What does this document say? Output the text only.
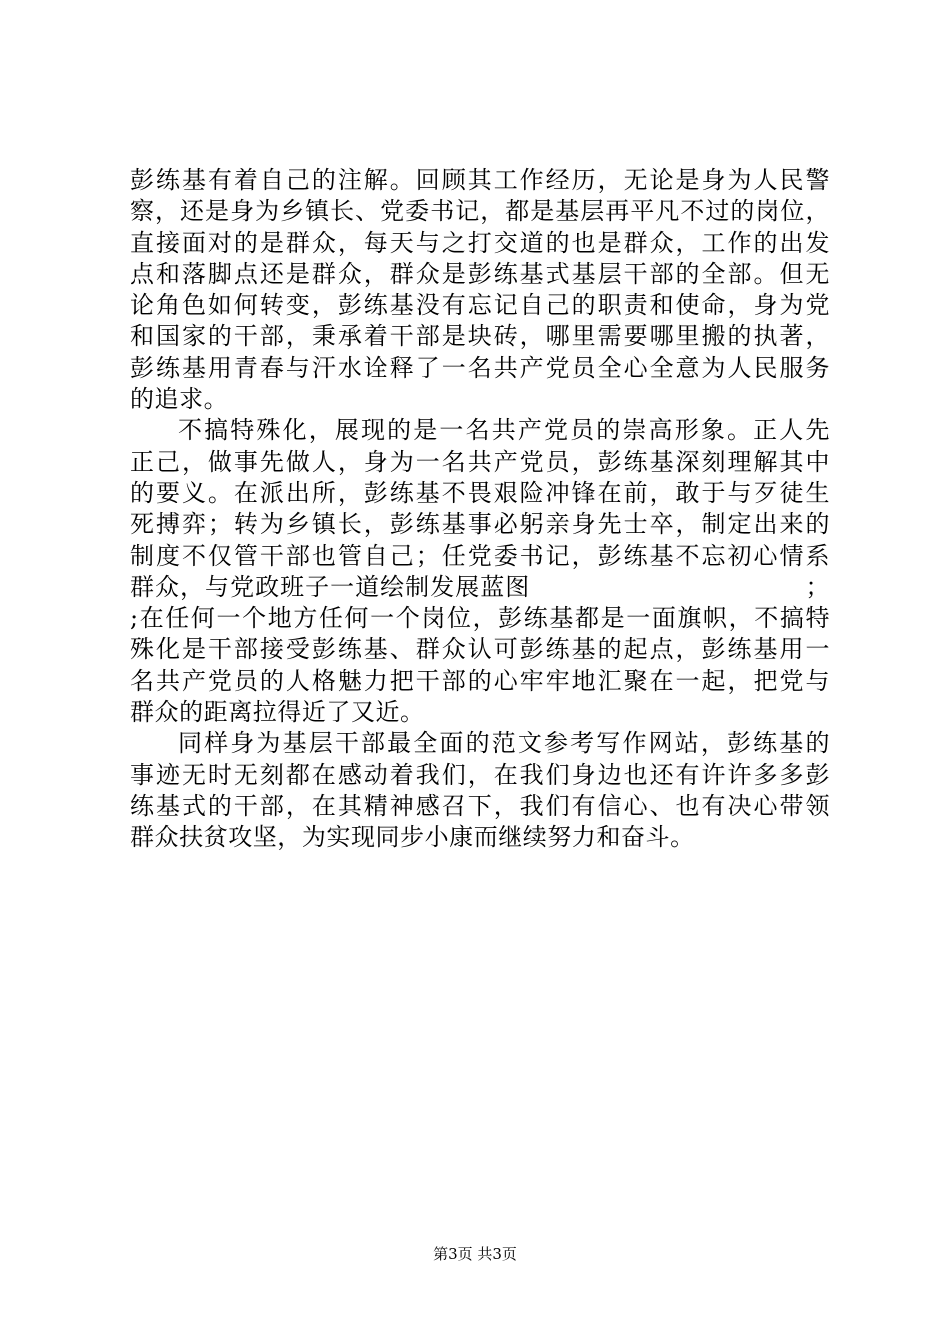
彭练基有着自己的注解。回顾其工作经历，无论是身为人民警
察，还是身为乡镇长、党委书记，都是基层再平凡不过的岗位，
直接面对的是群众，每天与之打交道的也是群众，工作的出发
点和落脚点还是群众，群众是彭练基式基层干部的全部。但无
论角色如何转变，彭练基没有忘记自己的职责和使命，身为党
和国家的干部，秉承着干部是块砖，哪里需要哪里搬的执著，
彭练基用青春与汗水诠释了一名共产党员全心全意为人民服务
的追求。
不搞特殊化，展现的是一名共产党员的崇高形象。正人先
正己，做事先做人，身为一名共产党员，彭练基深刻理解其中
的要义。在派出所，彭练基不畏艰险冲锋在前，敢于与歹徒生
死搏弈；转为乡镇长，彭练基事必躬亲身先士卒，制定出来的
制度不仅管干部也管自己；任党委书记，彭练基不忘初心情系
群众，与党政班子一道绘制发展蓝图　　　　　　　　　　　；
;在任何一个地方任何一个岗位，彭练基都是一面旗帜，不搞特
殊化是干部接受彭练基、群众认可彭练基的起点，彭练基用一
名共产党员的人格魅力把干部的心牢牢地汇聚在一起，把党与
群众的距离拉得近了又近。
同样身为基层干部最全面的范文参考写作网站，彭练基的
事迹无时无刻都在感动着我们，在我们身边也还有许许多多彭
练基式的干部，在其精神感召下，我们有信心、也有决心带领
群众扶贫攻坚，为实现同步小康而继续努力和奋斗。
第3页 共3页
